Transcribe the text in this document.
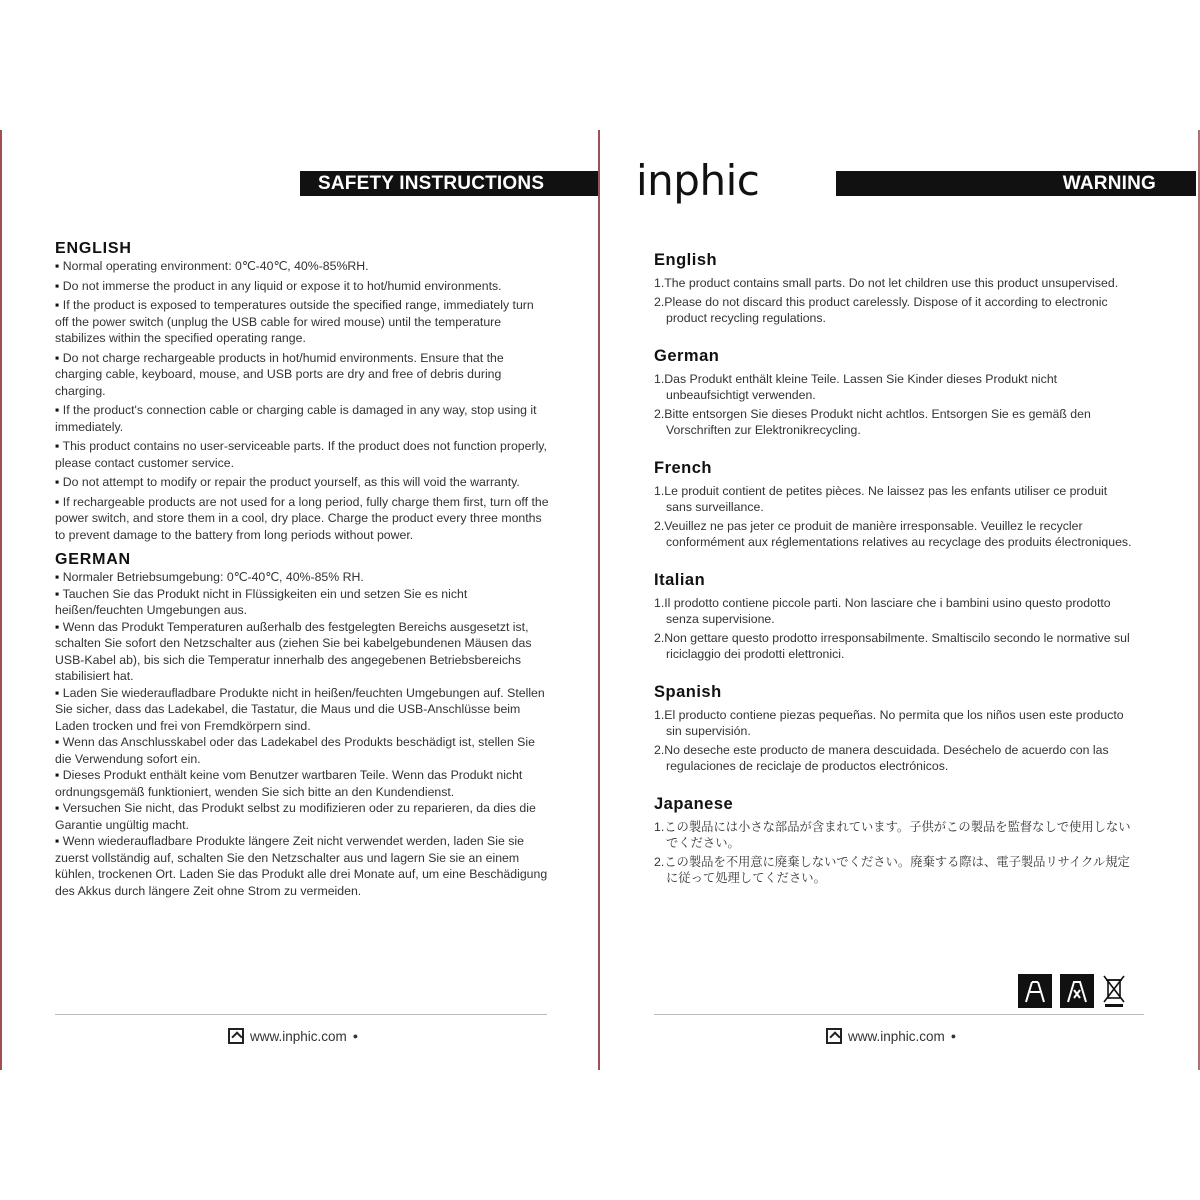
SAFETY INSTRUCTIONS
ENGLISH
▪ Normal operating environment: 0℃-40℃, 40%-85%RH.
▪ Do not immerse the product in any liquid or expose it to hot/humid environments.
▪ If the product is exposed to temperatures outside the specified range, immediately turn off the power switch (unplug the USB cable for wired mouse) until the temperature stabilizes within the specified operating range.
▪ Do not charge rechargeable products in hot/humid environments. Ensure that the charging cable, keyboard, mouse, and USB ports are dry and free of debris during charging.
▪ If the product's connection cable or charging cable is damaged in any way, stop using it immediately.
▪ This product contains no user-serviceable parts. If the product does not function properly, please contact customer service.
▪ Do not attempt to modify or repair the product yourself, as this will void the warranty.
▪ If rechargeable products are not used for a long period, fully charge them first, turn off the power switch, and store them in a cool, dry place. Charge the product every three months to prevent damage to the battery from long periods without power.
GERMAN
▪ Normaler Betriebsumgebung: 0℃-40℃, 40%-85% RH.
▪ Tauchen Sie das Produkt nicht in Flüssigkeiten ein und setzen Sie es nicht heißen/feuchten Umgebungen aus.
▪ Wenn das Produkt Temperaturen außerhalb des festgelegten Bereichs ausgesetzt ist, schalten Sie sofort den Netzschalter aus (ziehen Sie bei kabelgebundenen Mäusen das USB-Kabel ab), bis sich die Temperatur innerhalb des angegebenen Betriebsbereichs stabilisiert hat.
▪ Laden Sie wiederaufladbare Produkte nicht in heißen/feuchten Umgebungen auf. Stellen Sie sicher, dass das Ladekabel, die Tastatur, die Maus und die USB-Anschlüsse beim Laden trocken und frei von Fremdkörpern sind.
▪ Wenn das Anschlusskabel oder das Ladekabel des Produkts beschädigt ist, stellen Sie die Verwendung sofort ein.
▪ Dieses Produkt enthält keine vom Benutzer wartbaren Teile. Wenn das Produkt nicht ordnungsgemäß funktioniert, wenden Sie sich bitte an den Kundendienst.
▪ Versuchen Sie nicht, das Produkt selbst zu modifizieren oder zu reparieren, da dies die Garantie ungültig macht.
▪ Wenn wiederaufladbare Produkte längere Zeit nicht verwendet werden, laden Sie sie zuerst vollständig auf, schalten Sie den Netzschalter aus und lagern Sie sie an einem kühlen, trockenen Ort. Laden Sie das Produkt alle drei Monate auf, um eine Beschädigung des Akkus durch längere Zeit ohne Strom zu vermeiden.
www.inphic.com ●
inphic	WARNING
English
1.The product contains small parts. Do not let children use this product unsupervised.
2.Please do not discard this product carelessly. Dispose of it according to electronic product recycling regulations.
German
1.Das Produkt enthält kleine Teile. Lassen Sie Kinder dieses Produkt nicht unbeaufsichtigt verwenden.
2.Bitte entsorgen Sie dieses Produkt nicht achtlos. Entsorgen Sie es gemäß den Vorschriften zur Elektronikrecycling.
French
1.Le produit contient de petites pièces. Ne laissez pas les enfants utiliser ce produit sans surveillance.
2.Veuillez ne pas jeter ce produit de manière irresponsable. Veuillez le recycler conformément aux réglementations relatives au recyclage des produits électroniques.
Italian
1.Il prodotto contiene piccole parti. Non lasciare che i bambini usino questo prodotto senza supervisione.
2.Non gettare questo prodotto irresponsabilmente. Smaltiscilo secondo le normative sul riciclaggio dei prodotti elettronici.
Spanish
1.El producto contiene piezas pequeñas. No permita que los niños usen este producto sin supervisión.
2.No deseche este producto de manera descuidada. Deséchelo de acuerdo con las regulaciones de reciclaje de productos electrónicos.
Japanese
1.この製品には小さな部品が含まれています。子供がこの製品を監督なしで使用しないでください。
2.この製品を不用意に廃棄しないでください。廃棄する際は、電子製品リサイクル規定に従って処理してください。
www.inphic.com ●
